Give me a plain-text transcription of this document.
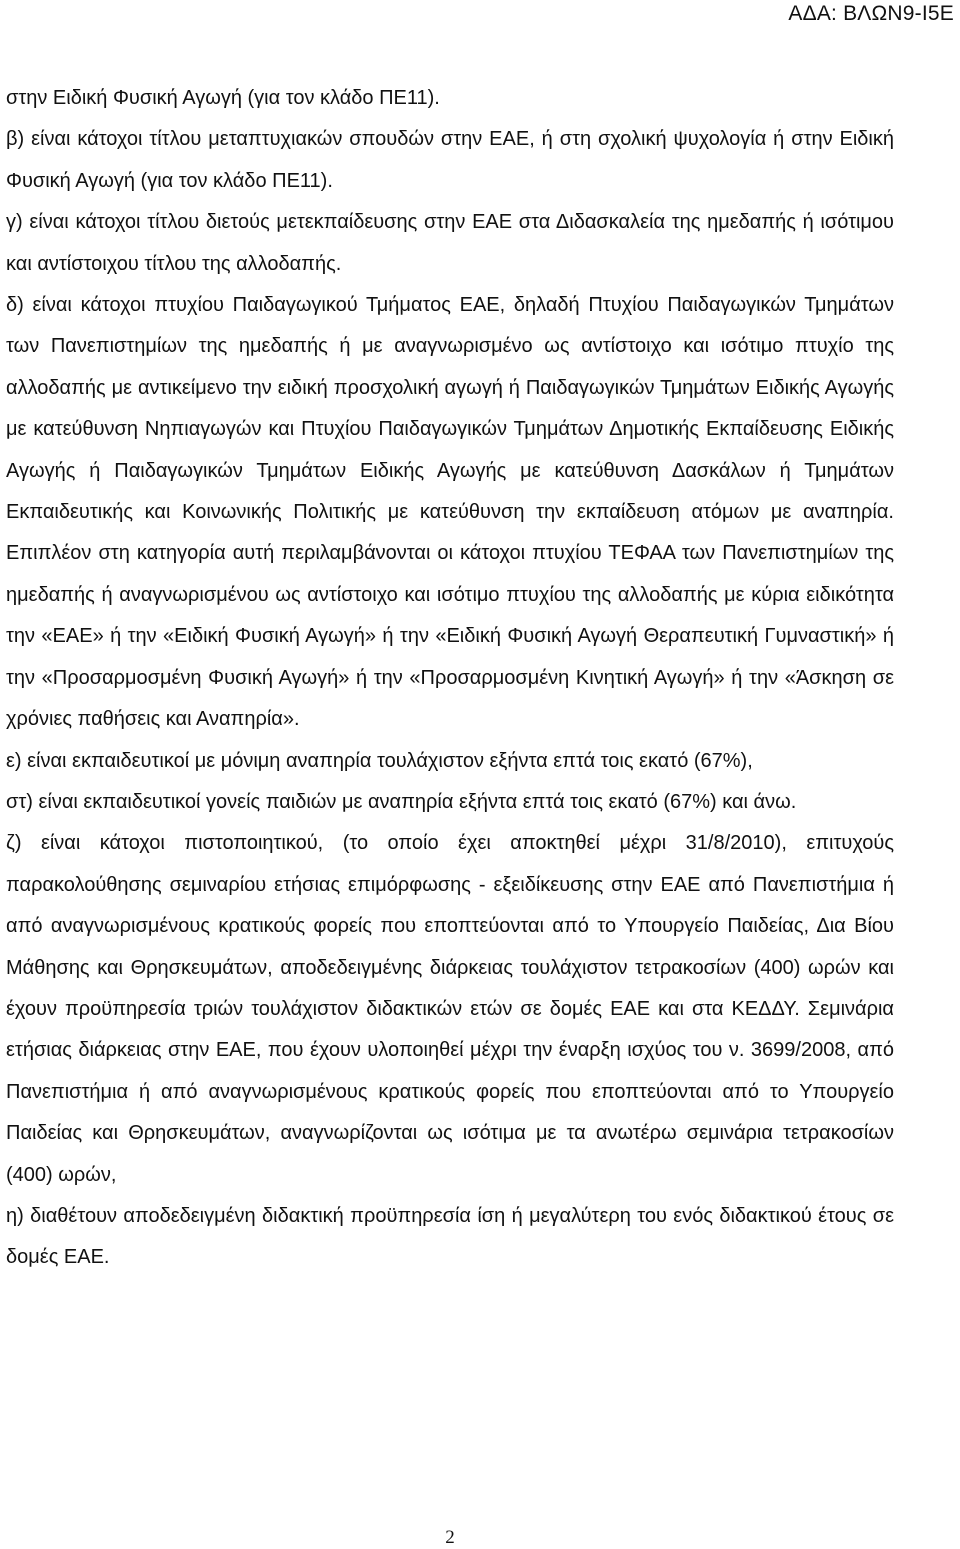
ΑΔΑ: ΒΛΩΝ9-Ι5Ε

στην Ειδική Φυσική Αγωγή (για τον κλάδο ΠΕ11).

β) είναι κάτοχοι τίτλου μεταπτυχιακών σπουδών στην ΕΑΕ, ή στη σχολική ψυχολογία ή στην Ειδική Φυσική Αγωγή (για τον κλάδο ΠΕ11).

γ) είναι κάτοχοι τίτλου διετούς μετεκπαίδευσης στην ΕΑΕ στα Διδασκαλεία της ημεδαπής ή ισότιμου και αντίστοιχου τίτλου της αλλοδαπής.

δ) είναι κάτοχοι πτυχίου Παιδαγωγικού Τμήματος ΕΑΕ, δηλαδή Πτυχίου Παιδαγωγικών Τμημάτων των Πανεπιστημίων της ημεδαπής ή με αναγνωρισμένο ως αντίστοιχο και ισότιμο πτυχίο της αλλοδαπής με αντικείμενο την ειδική προσχολική αγωγή ή Παιδαγωγικών Τμημάτων Ειδικής Αγωγής με κατεύθυνση Νηπιαγωγών και Πτυχίου Παιδαγωγικών Τμημάτων Δημοτικής Εκπαίδευσης Ειδικής Αγωγής ή Παιδαγωγικών Τμημάτων Ειδικής Αγωγής με κατεύθυνση Δασκάλων ή Τμημάτων Εκπαιδευτικής και Κοινωνικής Πολιτικής με κατεύθυνση την εκπαίδευση ατόμων με αναπηρία. Επιπλέον στη κατηγορία αυτή περιλαμβάνονται οι κάτοχοι πτυχίου ΤΕΦΑΑ των Πανεπιστημίων της ημεδαπής ή αναγνωρισμένου ως αντίστοιχο και ισότιμο πτυχίου της αλλοδαπής με κύρια ειδικότητα την «ΕΑΕ» ή την «Ειδική Φυσική Αγωγή» ή την «Ειδική Φυσική Αγωγή Θεραπευτική Γυμναστική» ή την «Προσαρμοσμένη Φυσική Αγωγή» ή την «Προσαρμοσμένη Κινητική Αγωγή» ή την «Άσκηση σε χρόνιες παθήσεις και Αναπηρία».

ε) είναι εκπαιδευτικοί με μόνιμη αναπηρία τουλάχιστον εξήντα επτά τοις εκατό (67%),

στ) είναι εκπαιδευτικοί γονείς παιδιών με αναπηρία εξήντα επτά τοις εκατό (67%) και άνω.

ζ) είναι κάτοχοι πιστοποιητικού, (το οποίο έχει αποκτηθεί μέχρι 31/8/2010), επιτυχούς παρακολούθησης σεμιναρίου ετήσιας επιμόρφωσης - εξειδίκευσης στην ΕΑΕ από Πανεπιστήμια ή από αναγνωρισμένους κρατικούς φορείς που εποπτεύονται από το Υπουργείο Παιδείας, Δια Βίου Μάθησης και Θρησκευμάτων, αποδεδειγμένης διάρκειας τουλάχιστον τετρακοσίων (400) ωρών και έχουν προϋπηρεσία τριών τουλάχιστον διδακτικών ετών σε δομές ΕΑΕ και στα ΚΕΔΔΥ. Σεμινάρια ετήσιας διάρκειας στην ΕΑΕ, που έχουν υλοποιηθεί μέχρι την έναρξη ισχύος του ν. 3699/2008, από Πανεπιστήμια ή από αναγνωρισμένους κρατικούς φορείς που εποπτεύονται από το Υπουργείο Παιδείας και Θρησκευμάτων, αναγνωρίζονται ως ισότιμα με τα ανωτέρω σεμινάρια τετρακοσίων (400) ωρών,

η) διαθέτουν αποδεδειγμένη διδακτική προϋπηρεσία ίση ή μεγαλύτερη του ενός διδακτικού έτους σε δομές ΕΑΕ.

2
